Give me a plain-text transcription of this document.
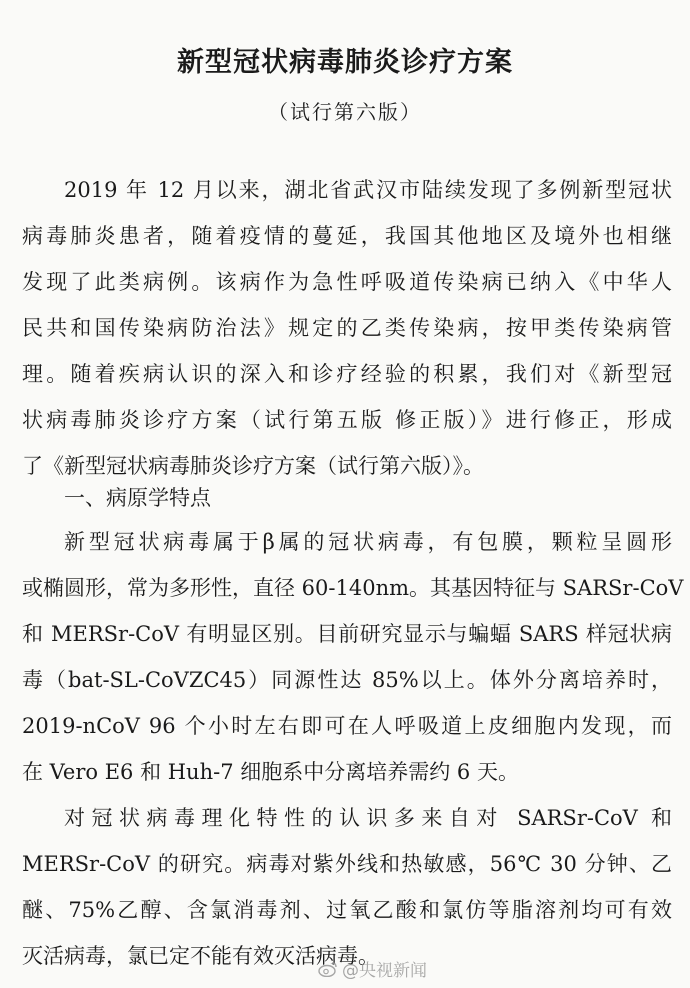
新型冠状病毒肺炎诊疗方案
（试行第六版）
2019 年 12 月以来，湖北省武汉市陆续发现了多例新型冠状
病毒肺炎患者，随着疫情的蔓延，我国其他地区及境外也相继
发现了此类病例。该病作为急性呼吸道传染病已纳入《中华人
民共和国传染病防治法》规定的乙类传染病，按甲类传染病管
理。随着疾病认识的深入和诊疗经验的积累，我们对《新型冠
状病毒肺炎诊疗方案（试行第五版 修正版）》进行修正，形成
了《新型冠状病毒肺炎诊疗方案（试行第六版）》。
一、病原学特点
新型冠状病毒属于β属的冠状病毒，有包膜，颗粒呈圆形
或椭圆形，常为多形性，直径 60-140nm。其基因特征与 SARSr-CoV
和 MERSr-CoV 有明显区别。目前研究显示与蝙蝠 SARS 样冠状病
毒（bat-SL-CoVZC45）同源性达 85%以上。体外分离培养时，
2019-nCoV 96 个小时左右即可在人呼吸道上皮细胞内发现，而
在 Vero E6 和 Huh-7 细胞系中分离培养需约 6 天。
对冠状病毒理化特性的认识多来自对 SARSr-CoV 和
MERSr-CoV 的研究。病毒对紫外线和热敏感，56℃ 30 分钟、乙
醚、75%乙醇、含氯消毒剂、过氧乙酸和氯仿等脂溶剂均可有效
灭活病毒，氯已定不能有效灭活病毒。
@央视新闻
